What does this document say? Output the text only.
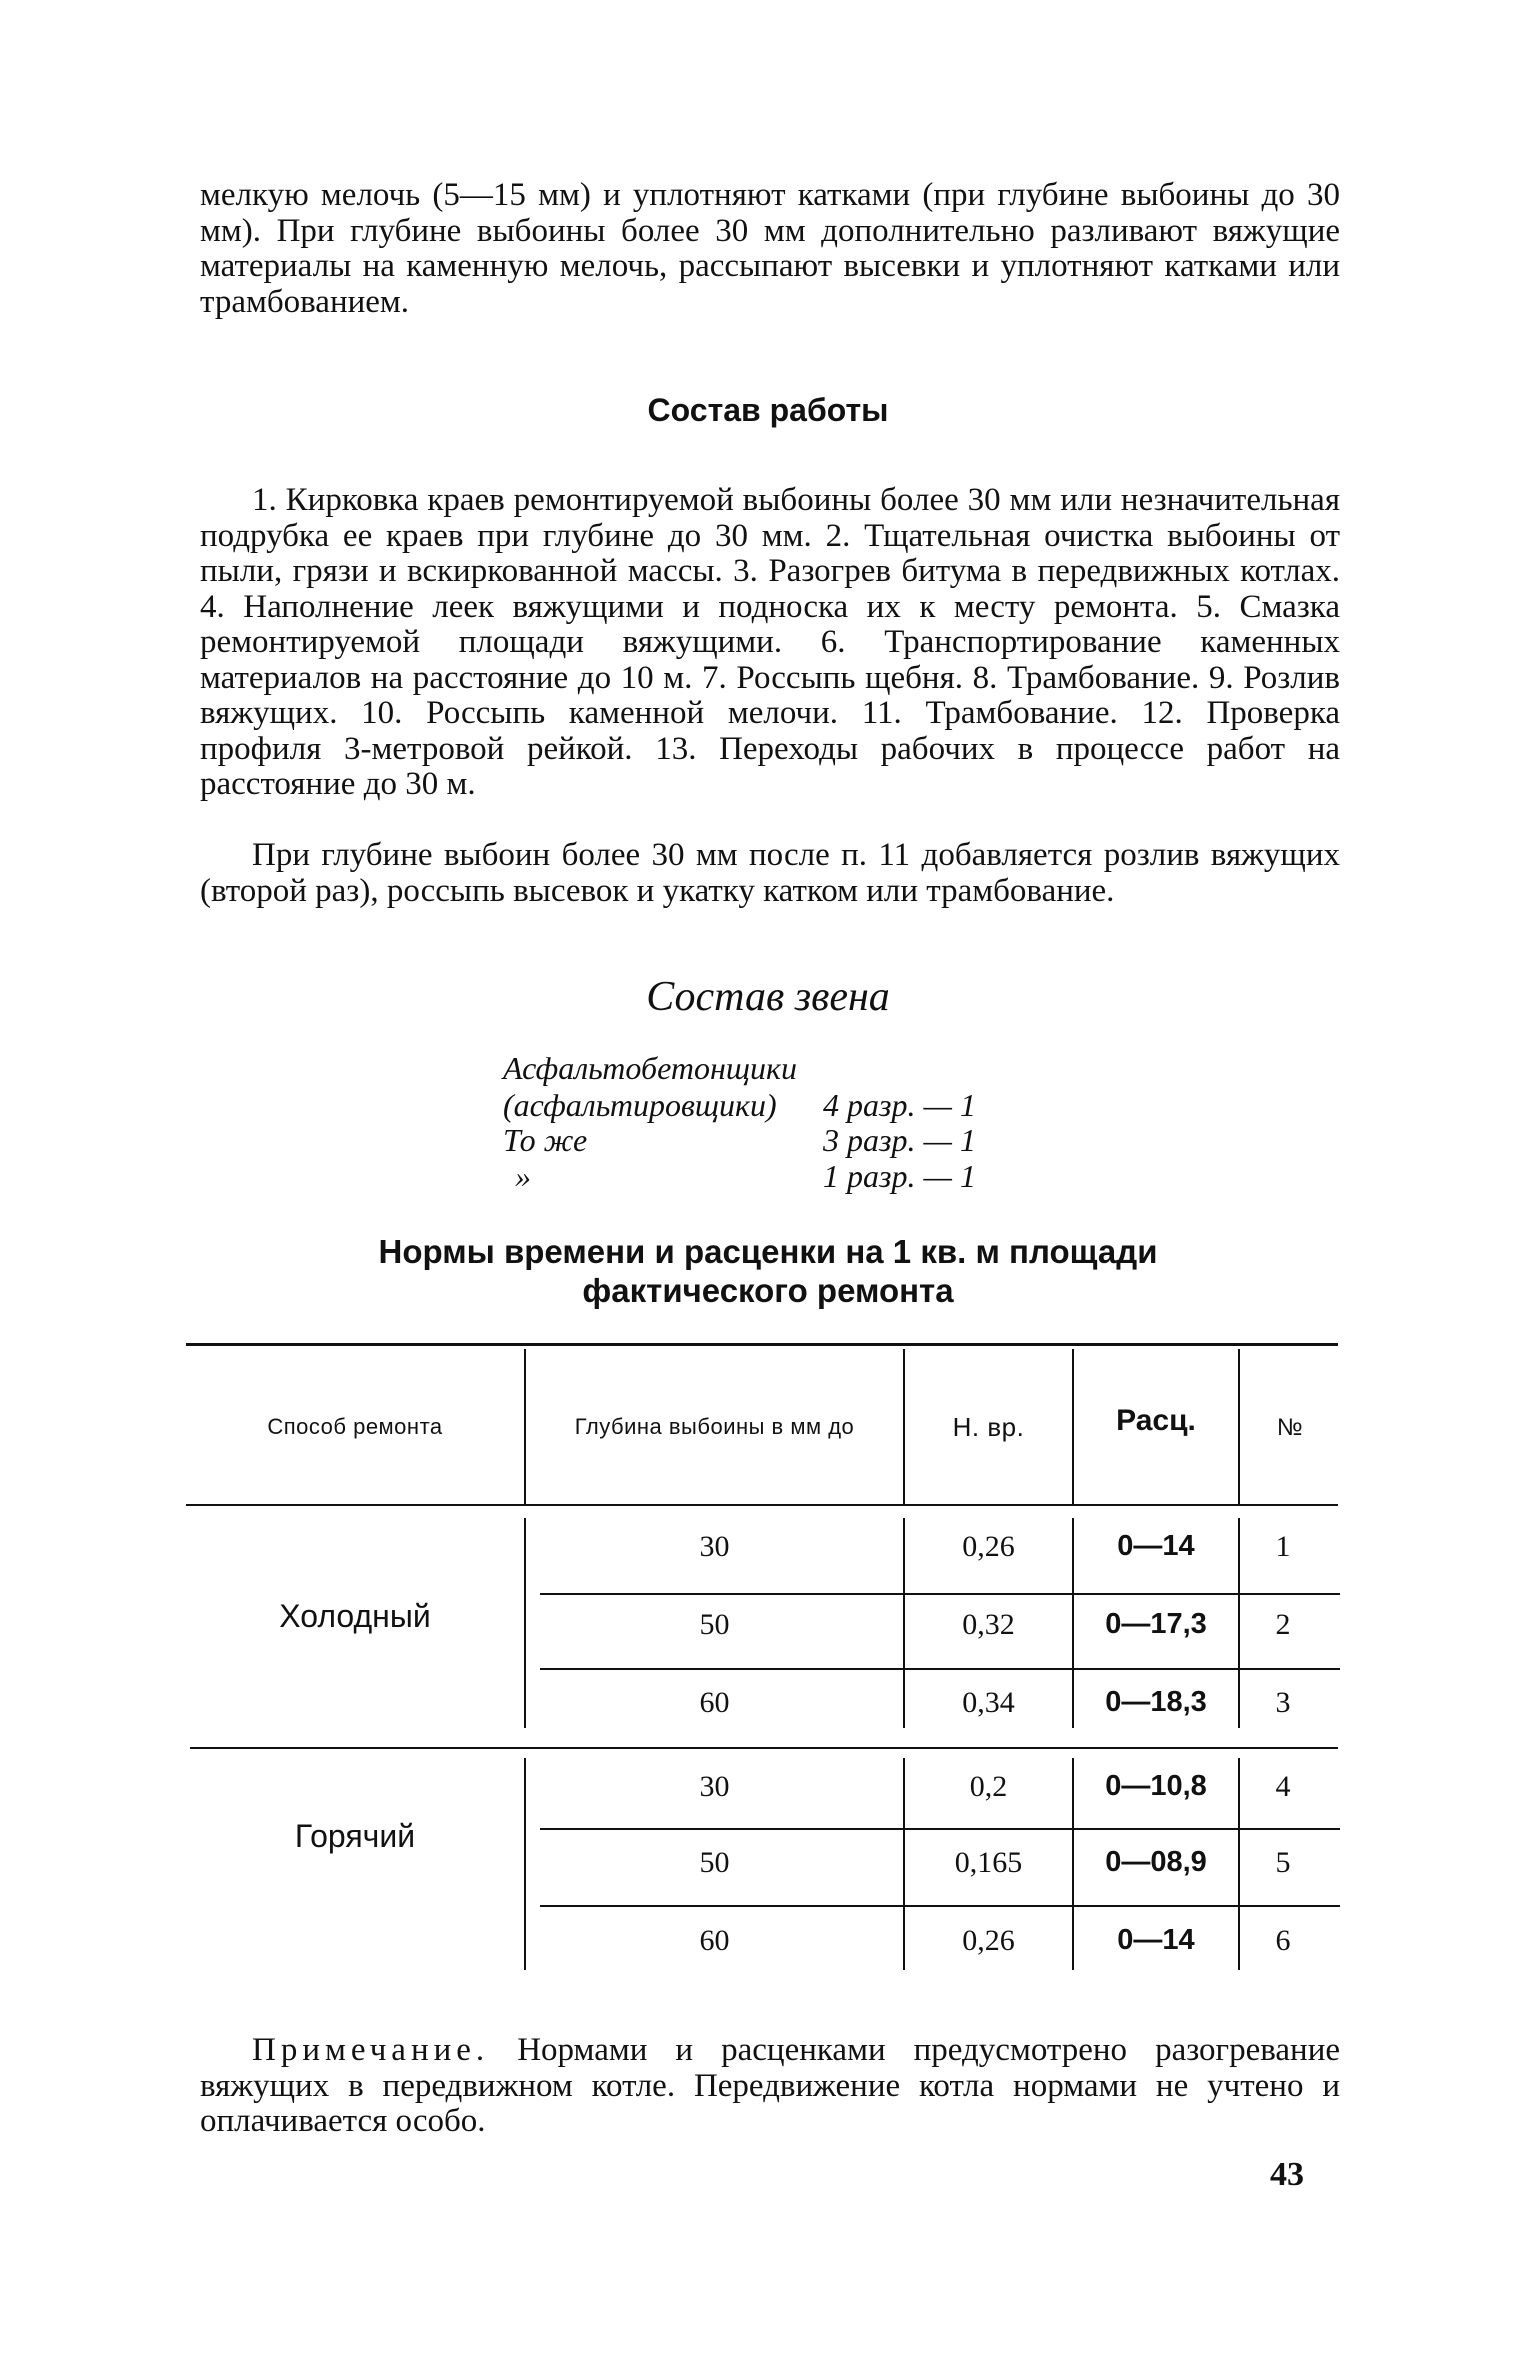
мелкую мелочь (5—15 мм) и уплотняют катками (при глубине выбоины до 30 мм). При глубине выбоины более 30 мм дополнительно разливают вяжущие материалы на каменную мелочь, рассыпают высевки и уплотняют катками или трамбованием.
Состав работы
1. Кирковка краев ремонтируемой выбоины более 30 мм или незначительная подрубка ее краев при глубине до 30 мм. 2. Тщательная очистка выбоины от пыли, грязи и вскиркованной массы. 3. Разогрев битума в передвижных котлах. 4. Наполнение леек вяжущими и подноска их к месту ремонта. 5. Смазка ремонтируемой площади вяжущими. 6. Транспортирование каменных материалов на расстояние до 10 м. 7. Россыпь щебня. 8. Трамбование. 9. Розлив вяжущих. 10. Россыпь каменной мелочи. 11. Трамбование. 12. Проверка профиля 3-метровой рейкой. 13. Переходы рабочих в процессе работ на расстояние до 30 м.
При глубине выбоин более 30 мм после п. 11 добавляется розлив вяжущих (второй раз), россыпь высевок и укатку катком или трамбование.
Состав звена
Асфальтобетонщики
(асфальтировщики) 4 разр. — 1
То же	3 разр. — 1
»	1 разр. — 1
Нормы времени и расценки на 1 кв. м площади
фактического ремонта
Способ ремонта	Глубина выбоины в мм до	Н. вр.	Расц.	№
Холодный
30	0,26	0—14	1
50	0,32	0—17,3	2
60	0,34	0—18,3	3
Горячий
30	0,2	0—10,8	4
50	0,165	0—08,9	5
60	0,26	0—14	6
Примечание. Нормами и расценками предусмотрено разогревание вяжущих в передвижном котле. Передвижение котла нормами не учтено и оплачивается особо.
43
